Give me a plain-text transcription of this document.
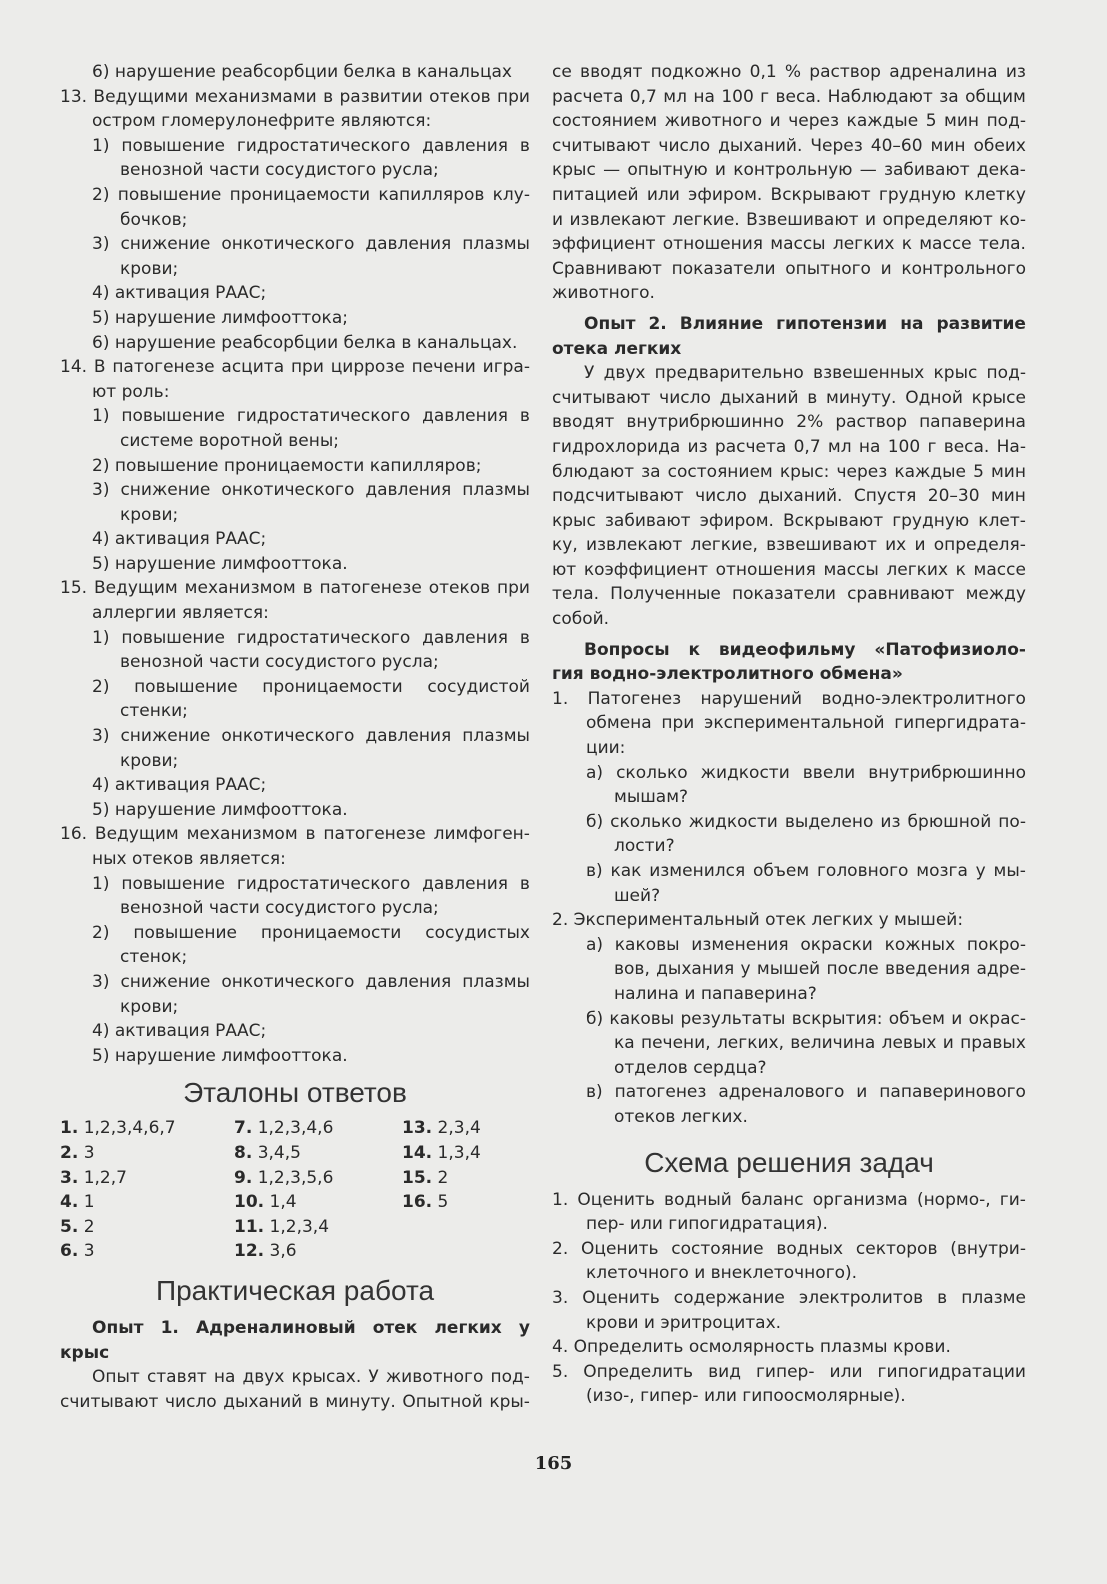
6) нарушение реабсорбции белка в канальцах
13. Ведущими механизмами в развитии отеков при
остром гломерулонефрите являются:
1) повышение гидростатического давления в
венозной части сосудистого русла;
2) повышение проницаемости капилляров клу-
бочков;
3) снижение онкотического давления плазмы
крови;
4) активация РААС;
5) нарушение лимфооттока;
6) нарушение реабсорбции белка в канальцах.
14. В патогенезе асцита при циррозе печени игра-
ют роль:
1) повышение гидростатического давления в
системе воротной вены;
2) повышение проницаемости капилляров;
3) снижение онкотического давления плазмы
крови;
4) активация РААС;
5) нарушение лимфооттока.
15. Ведущим механизмом в патогенезе отеков при
аллергии является:
1) повышение гидростатического давления в
венозной части сосудистого русла;
2) повышение проницаемости сосудистой
стенки;
3) снижение онкотического давления плазмы
крови;
4) активация РААС;
5) нарушение лимфооттока.
16. Ведущим механизмом в патогенезе лимфоген-
ных отеков является:
1) повышение гидростатического давления в
венозной части сосудистого русла;
2) повышение проницаемости сосудистых
стенок;
3) снижение онкотического давления плазмы
крови;
4) активация РААС;
5) нарушение лимфооттока.
Эталоны ответов
1. 1,2,3,4,6,7
2. 3
3. 1,2,7
4. 1
5. 2
6. 3
7. 1,2,3,4,6
8. 3,4,5
9. 1,2,3,5,6
10. 1,4
11. 1,2,3,4
12. 3,6
13. 2,3,4
14. 1,3,4
15. 2
16. 5
Практическая работа
Опыт 1. Адреналиновый отек легких у
крыс
Опыт ставят на двух крысах. У животного под-
считывают число дыханий в минуту. Опытной кры-
се вводят подкожно 0,1 % раствор адреналина из
расчета 0,7 мл на 100 г веса. Наблюдают за общим
состоянием животного и через каждые 5 мин под-
считывают число дыханий. Через 40–60 мин обеих
крыс — опытную и контрольную — забивают дека-
питацией или эфиром. Вскрывают грудную клетку
и извлекают легкие. Взвешивают и определяют ко-
эффициент отношения массы легких к массе тела.
Сравнивают показатели опытного и контрольного
животного.
Опыт 2. Влияние гипотензии на развитие
отека легких
У двух предварительно взвешенных крыс под-
считывают число дыханий в минуту. Одной крысе
вводят внутрибрюшинно 2% раствор папаверина
гидрохлорида из расчета 0,7 мл на 100 г веса. На-
блюдают за состоянием крыс: через каждые 5 мин
подсчитывают число дыханий. Спустя 20–30 мин
крыс забивают эфиром. Вскрывают грудную клет-
ку, извлекают легкие, взвешивают их и определя-
ют коэффициент отношения массы легких к массе
тела. Полученные показатели сравнивают между
собой.
Вопросы к видеофильму «Патофизиоло-
гия водно-электролитного обмена»
1. Патогенез нарушений водно-электролитного
обмена при экспериментальной гипергидрата-
ции:
а) сколько жидкости ввели внутрибрюшинно
мышам?
б) сколько жидкости выделено из брюшной по-
лости?
в) как изменился объем головного мозга у мы-
шей?
2. Экспериментальный отек легких у мышей:
а) каковы изменения окраски кожных покро-
вов, дыхания у мышей после введения адре-
налина и папаверина?
б) каковы результаты вскрытия: объем и окрас-
ка печени, легких, величина левых и правых
отделов сердца?
в) патогенез адреналового и папаверинового
отеков легких.
Схема решения задач
1. Оценить водный баланс организма (нормо-, ги-
пер- или гипогидратация).
2. Оценить состояние водных секторов (внутри-
клеточного и внеклеточного).
3. Оценить содержание электролитов в плазме
крови и эритроцитах.
4. Определить осмолярность плазмы крови.
5. Определить вид гипер- или гипогидратации
(изо-, гипер- или гипоосмолярные).
165
